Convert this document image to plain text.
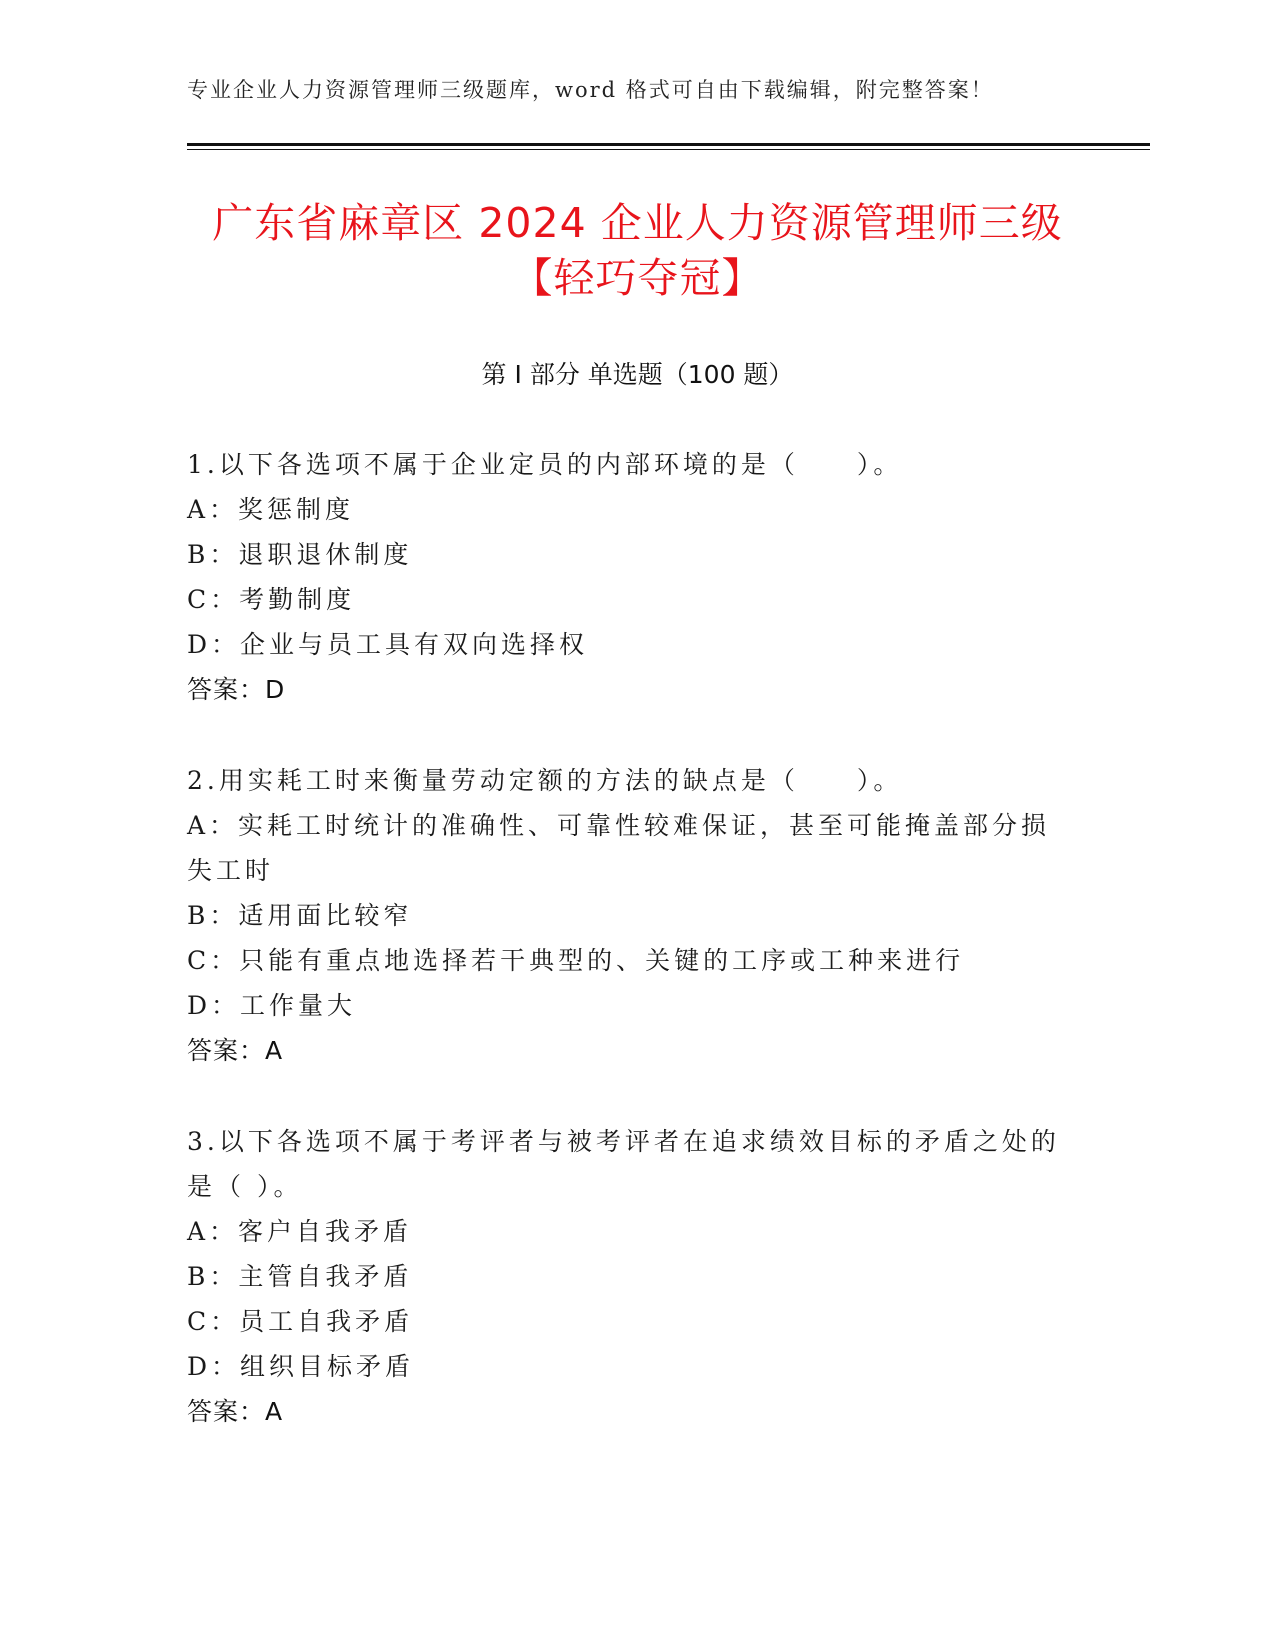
专业企业人力资源管理师三级题库，word 格式可自由下载编辑，附完整答案！
广东省麻章区 2024 企业人力资源管理师三级
【轻巧夺冠】
第 I 部分 单选题（100 题）
1.以下各选项不属于企业定员的内部环境的是（　　）。
A：奖惩制度
B：退职退休制度
C：考勤制度
D：企业与员工具有双向选择权
答案：D
2.用实耗工时来衡量劳动定额的方法的缺点是（　　）。
A：实耗工时统计的准确性、可靠性较难保证，甚至可能掩盖部分损失工时
B：适用面比较窄
C：只能有重点地选择若干典型的、关键的工序或工种来进行
D：工作量大
答案：A
3.以下各选项不属于考评者与被考评者在追求绩效目标的矛盾之处的是（ ）。
A：客户自我矛盾
B：主管自我矛盾
C：员工自我矛盾
D：组织目标矛盾
答案：A
